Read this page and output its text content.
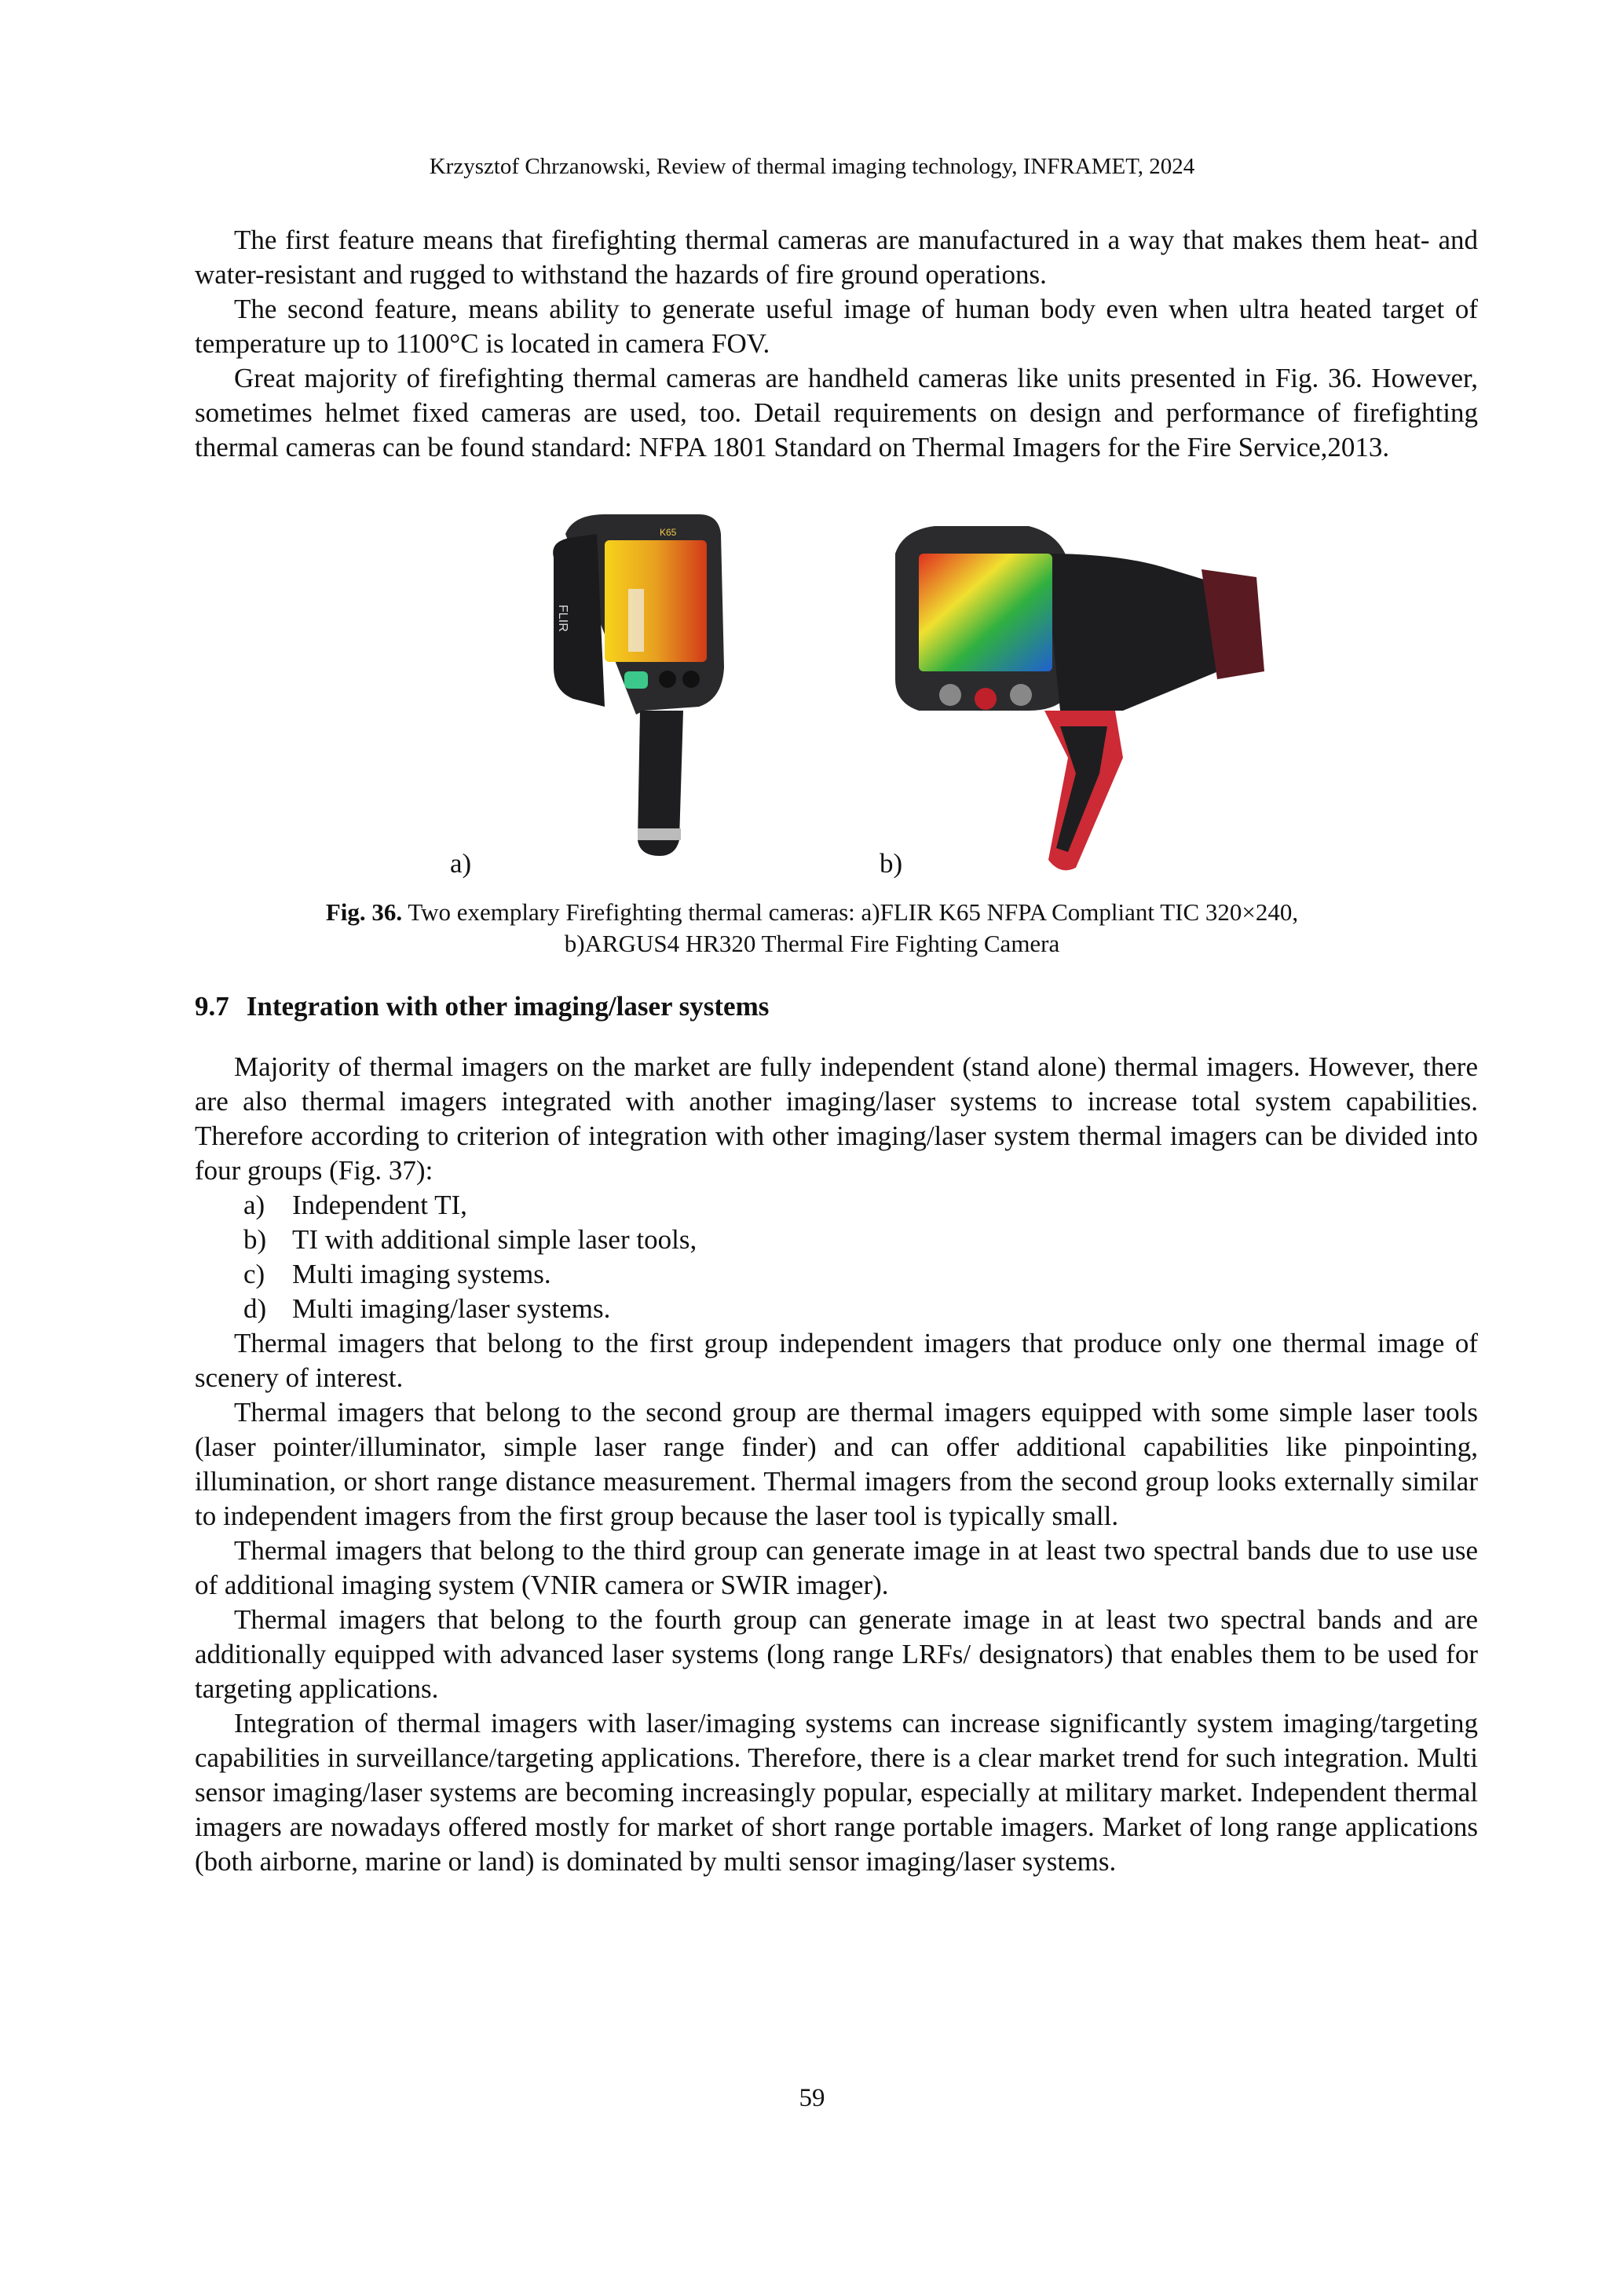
Krzysztof Chrzanowski, Review of thermal imaging technology, INFRAMET, 2024

The first feature means that firefighting thermal cameras are manufactured in a way that makes them heat- and water-resistant and rugged to withstand the hazards of fire ground operations.

The second feature, means ability to generate useful image of human body even when ultra heated target of temperature up to 1100°C is located in camera FOV.

Great majority of firefighting thermal cameras are handheld cameras like units presented in Fig. 36. However, sometimes helmet fixed cameras are used, too. Detail requirements on design and performance of firefighting thermal cameras can be found standard: NFPA 1801 Standard on Thermal Imagers for the Fire Service,2013.

FLIR
K65
a)	b)
Fig. 36. Two exemplary Firefighting thermal cameras: a)FLIR K65 NFPA Compliant TIC 320×240,
b)ARGUS4 HR320 Thermal Fire Fighting Camera
9.7 Integration with other imaging/laser systems

Majority of thermal imagers on the market are fully independent (stand alone) thermal imagers. However, there are also thermal imagers integrated with another imaging/laser systems to increase total system capabilities. Therefore according to criterion of integration with other imaging/laser system thermal imagers can be divided into four groups (Fig. 37):

a) Independent TI,
b) TI with additional simple laser tools,
c) Multi imaging systems.
d) Multi imaging/laser systems.

Thermal imagers that belong to the first group independent imagers that produce only one thermal image of scenery of interest.

Thermal imagers that belong to the second group are thermal imagers equipped with some simple laser tools (laser pointer/illuminator, simple laser range finder) and can offer additional capabilities like pinpointing, illumination, or short range distance measurement. Thermal imagers from the second group looks externally similar to independent imagers from the first group because the laser tool is typically small.

Thermal imagers that belong to the third group can generate image in at least two spectral bands due to use use of additional imaging system (VNIR camera or SWIR imager).

Thermal imagers that belong to the fourth group can generate image in at least two spectral bands and are additionally equipped with advanced laser systems (long range LRFs/ designators) that enables them to be used for targeting applications.

Integration of thermal imagers with laser/imaging systems can increase significantly system imaging/targeting capabilities in surveillance/targeting applications. Therefore, there is a clear market trend for such integration. Multi sensor imaging/laser systems are becoming increasingly popular, especially at military market. Independent thermal imagers are nowadays offered mostly for market of short range portable imagers. Market of long range applications (both airborne, marine or land) is dominated by multi sensor imaging/laser systems.

59
